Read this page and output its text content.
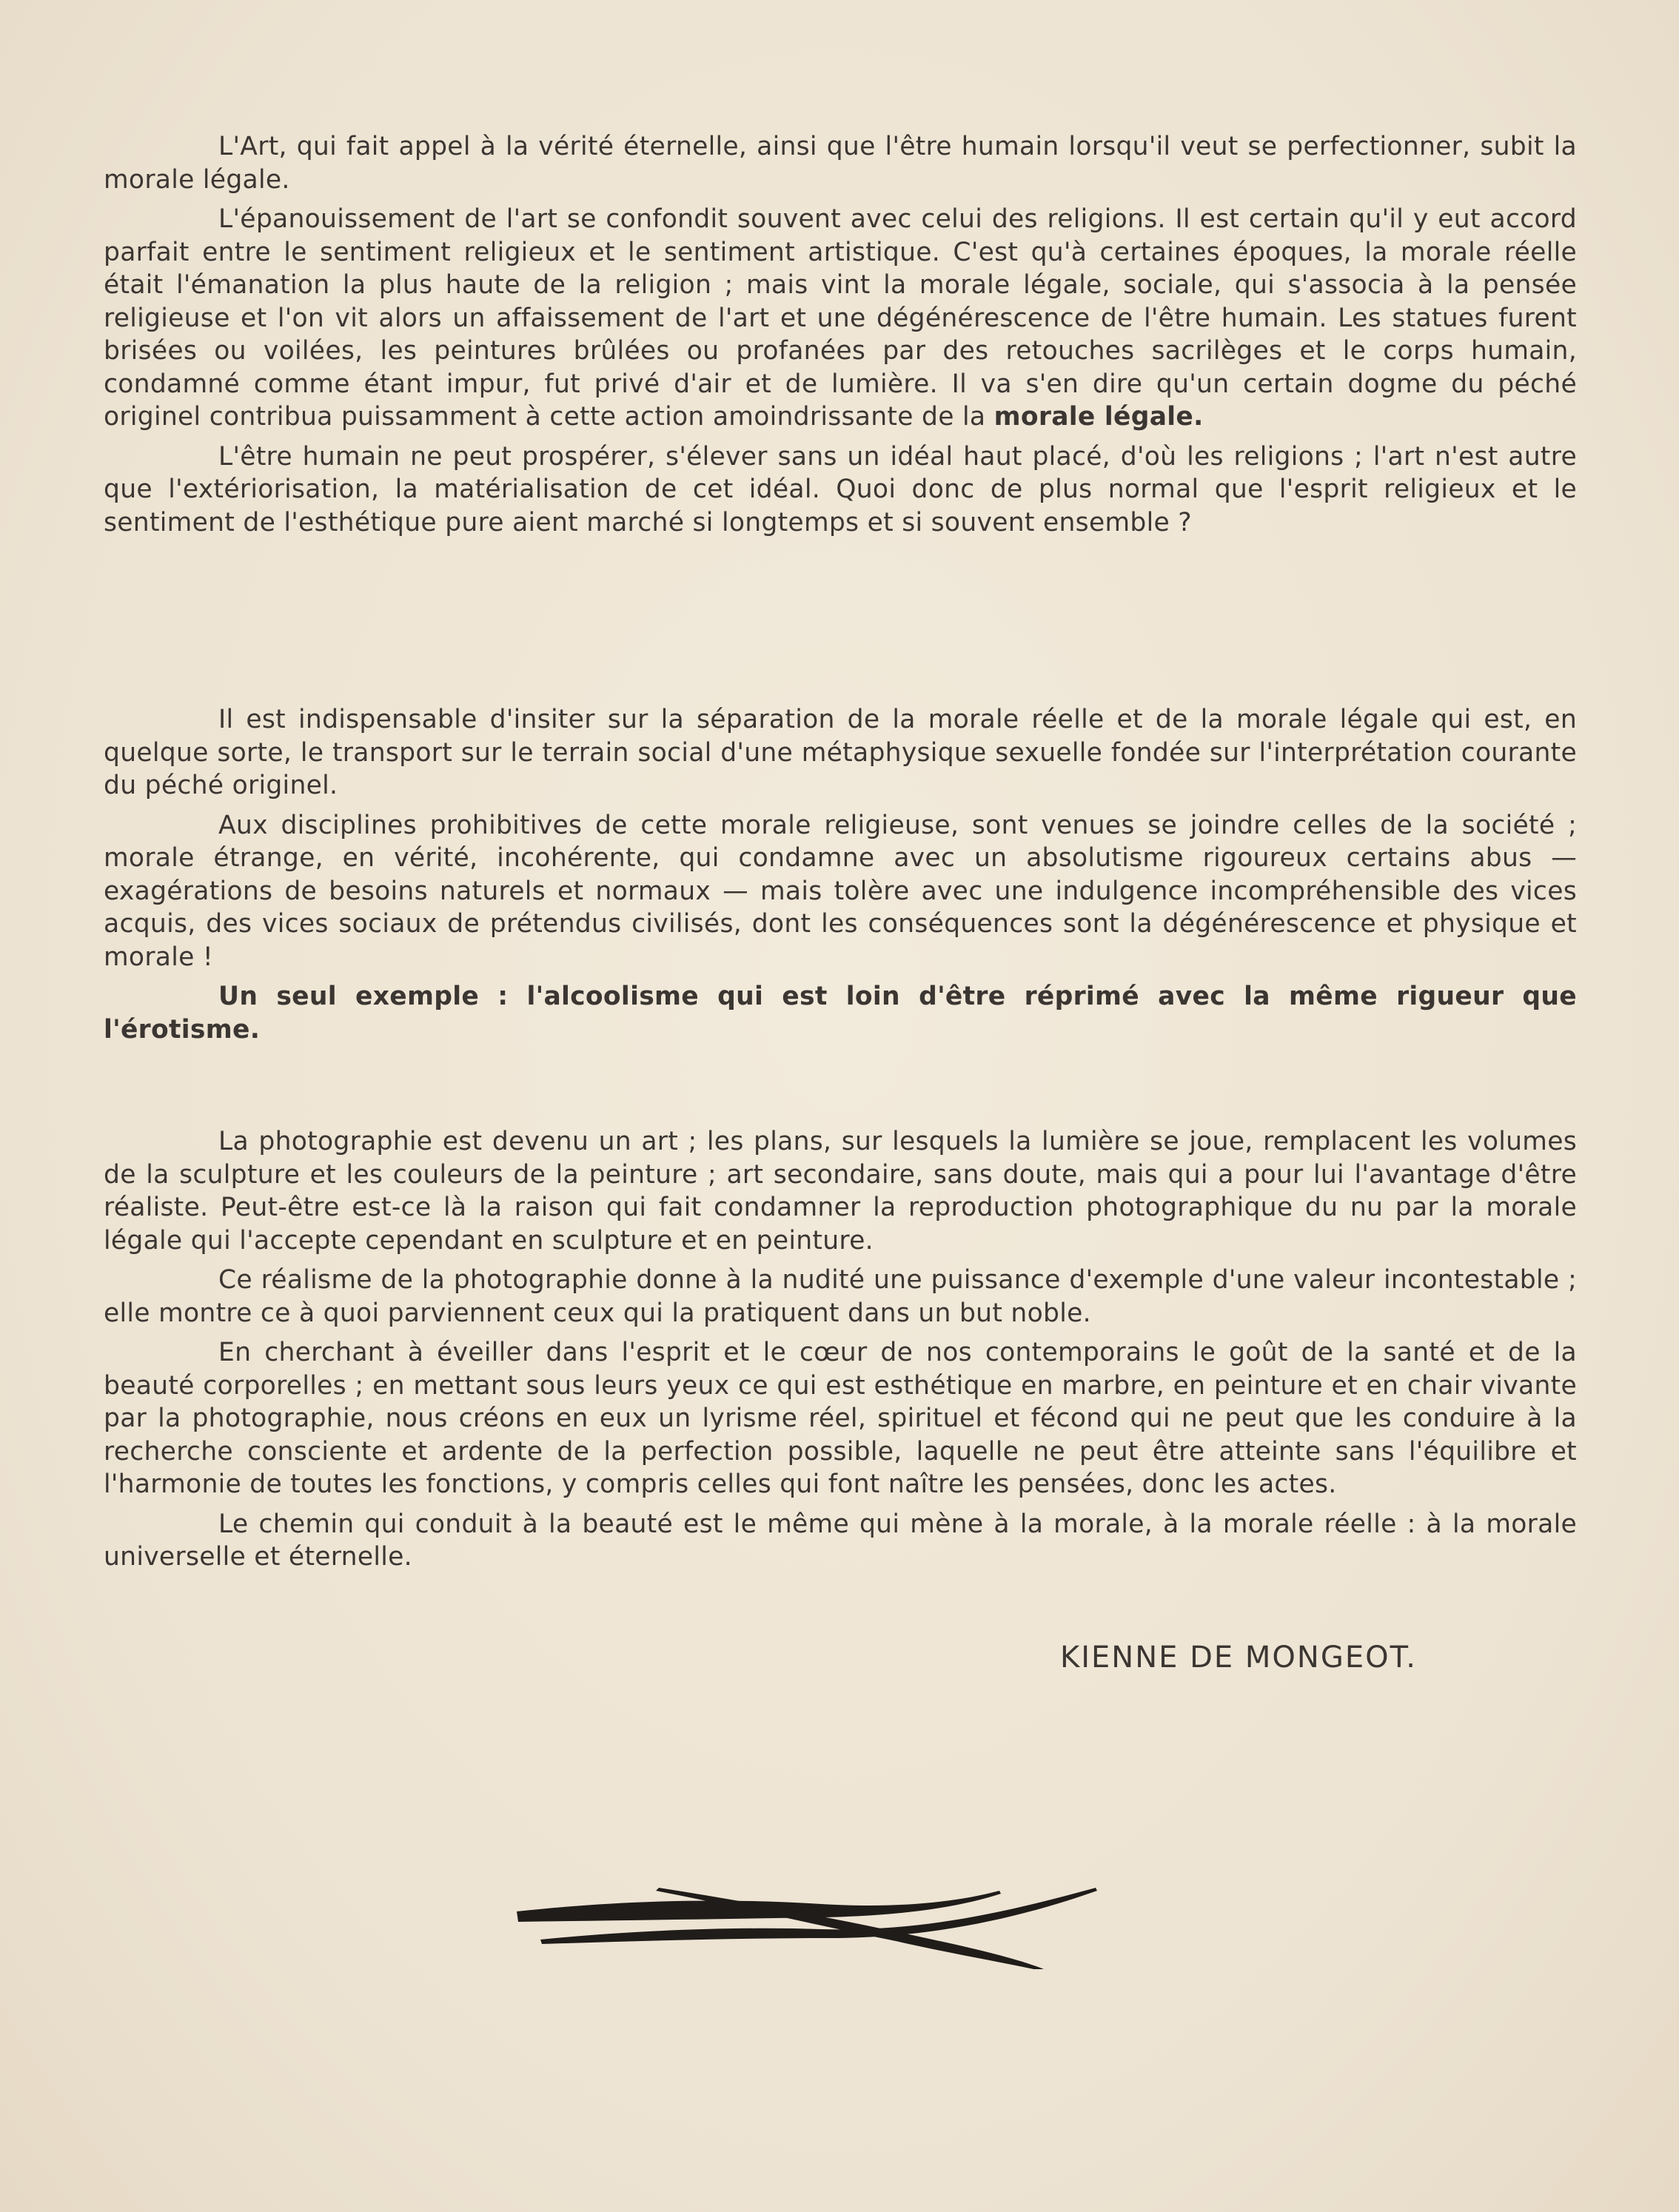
L'Art, qui fait appel à la vérité éternelle, ainsi que l'être humain lorsqu'il veut se perfectionner, subit la morale légale.

L'épanouissement de l'art se confondit souvent avec celui des religions. Il est certain qu'il y eut accord parfait entre le sentiment religieux et le sentiment artistique. C'est qu'à certaines époques, la morale réelle était l'émanation la plus haute de la religion ; mais vint la morale légale, sociale, qui s'associa à la pensée religieuse et l'on vit alors un affaissement de l'art et une dégénérescence de l'être humain. Les statues furent brisées ou voilées, les peintures brûlées ou profanées par des retouches sacrilèges et le corps humain, condamné comme étant impur, fut privé d'air et de lumière. Il va s'en dire qu'un certain dogme du péché originel contribua puissamment à cette action amoindrissante de la morale légale.

L'être humain ne peut prospérer, s'élever sans un idéal haut placé, d'où les religions ; l'art n'est autre que l'extériorisation, la matérialisation de cet idéal. Quoi donc de plus normal que l'esprit religieux et le sentiment de l'esthétique pure aient marché si longtemps et si souvent ensemble ?

Il est indispensable d'insiter sur la séparation de la morale réelle et de la morale légale qui est, en quelque sorte, le transport sur le terrain social d'une métaphysique sexuelle fondée sur l'interprétation courante du péché originel.

Aux disciplines prohibitives de cette morale religieuse, sont venues se joindre celles de la société ; morale étrange, en vérité, incohérente, qui condamne avec un absolutisme rigoureux certains abus — exagérations de besoins naturels et normaux — mais tolère avec une indulgence incompréhensible des vices acquis, des vices sociaux de prétendus civilisés, dont les conséquences sont la dégénérescence et physique et morale !

Un seul exemple : l'alcoolisme qui est loin d'être réprimé avec la même rigueur que l'érotisme.

La photographie est devenu un art ; les plans, sur lesquels la lumière se joue, remplacent les volumes de la sculpture et les couleurs de la peinture ; art secondaire, sans doute, mais qui a pour lui l'avantage d'être réaliste. Peut-être est-ce là la raison qui fait condamner la reproduction photographique du nu par la morale légale qui l'accepte cependant en sculpture et en peinture.

Ce réalisme de la photographie donne à la nudité une puissance d'exemple d'une valeur incontestable ; elle montre ce à quoi parviennent ceux qui la pratiquent dans un but noble.

En cherchant à éveiller dans l'esprit et le cœur de nos contemporains le goût de la santé et de la beauté corporelles ; en mettant sous leurs yeux ce qui est esthétique en marbre, en peinture et en chair vivante par la photographie, nous créons en eux un lyrisme réel, spirituel et fécond qui ne peut que les conduire à la recherche consciente et ardente de la perfection possible, laquelle ne peut être atteinte sans l'équilibre et l'harmonie de toutes les fonctions, y compris celles qui font naître les pensées, donc les actes.

Le chemin qui conduit à la beauté est le même qui mène à la morale, à la morale réelle : à la morale universelle et éternelle.

KIENNE DE MONGEOT.
